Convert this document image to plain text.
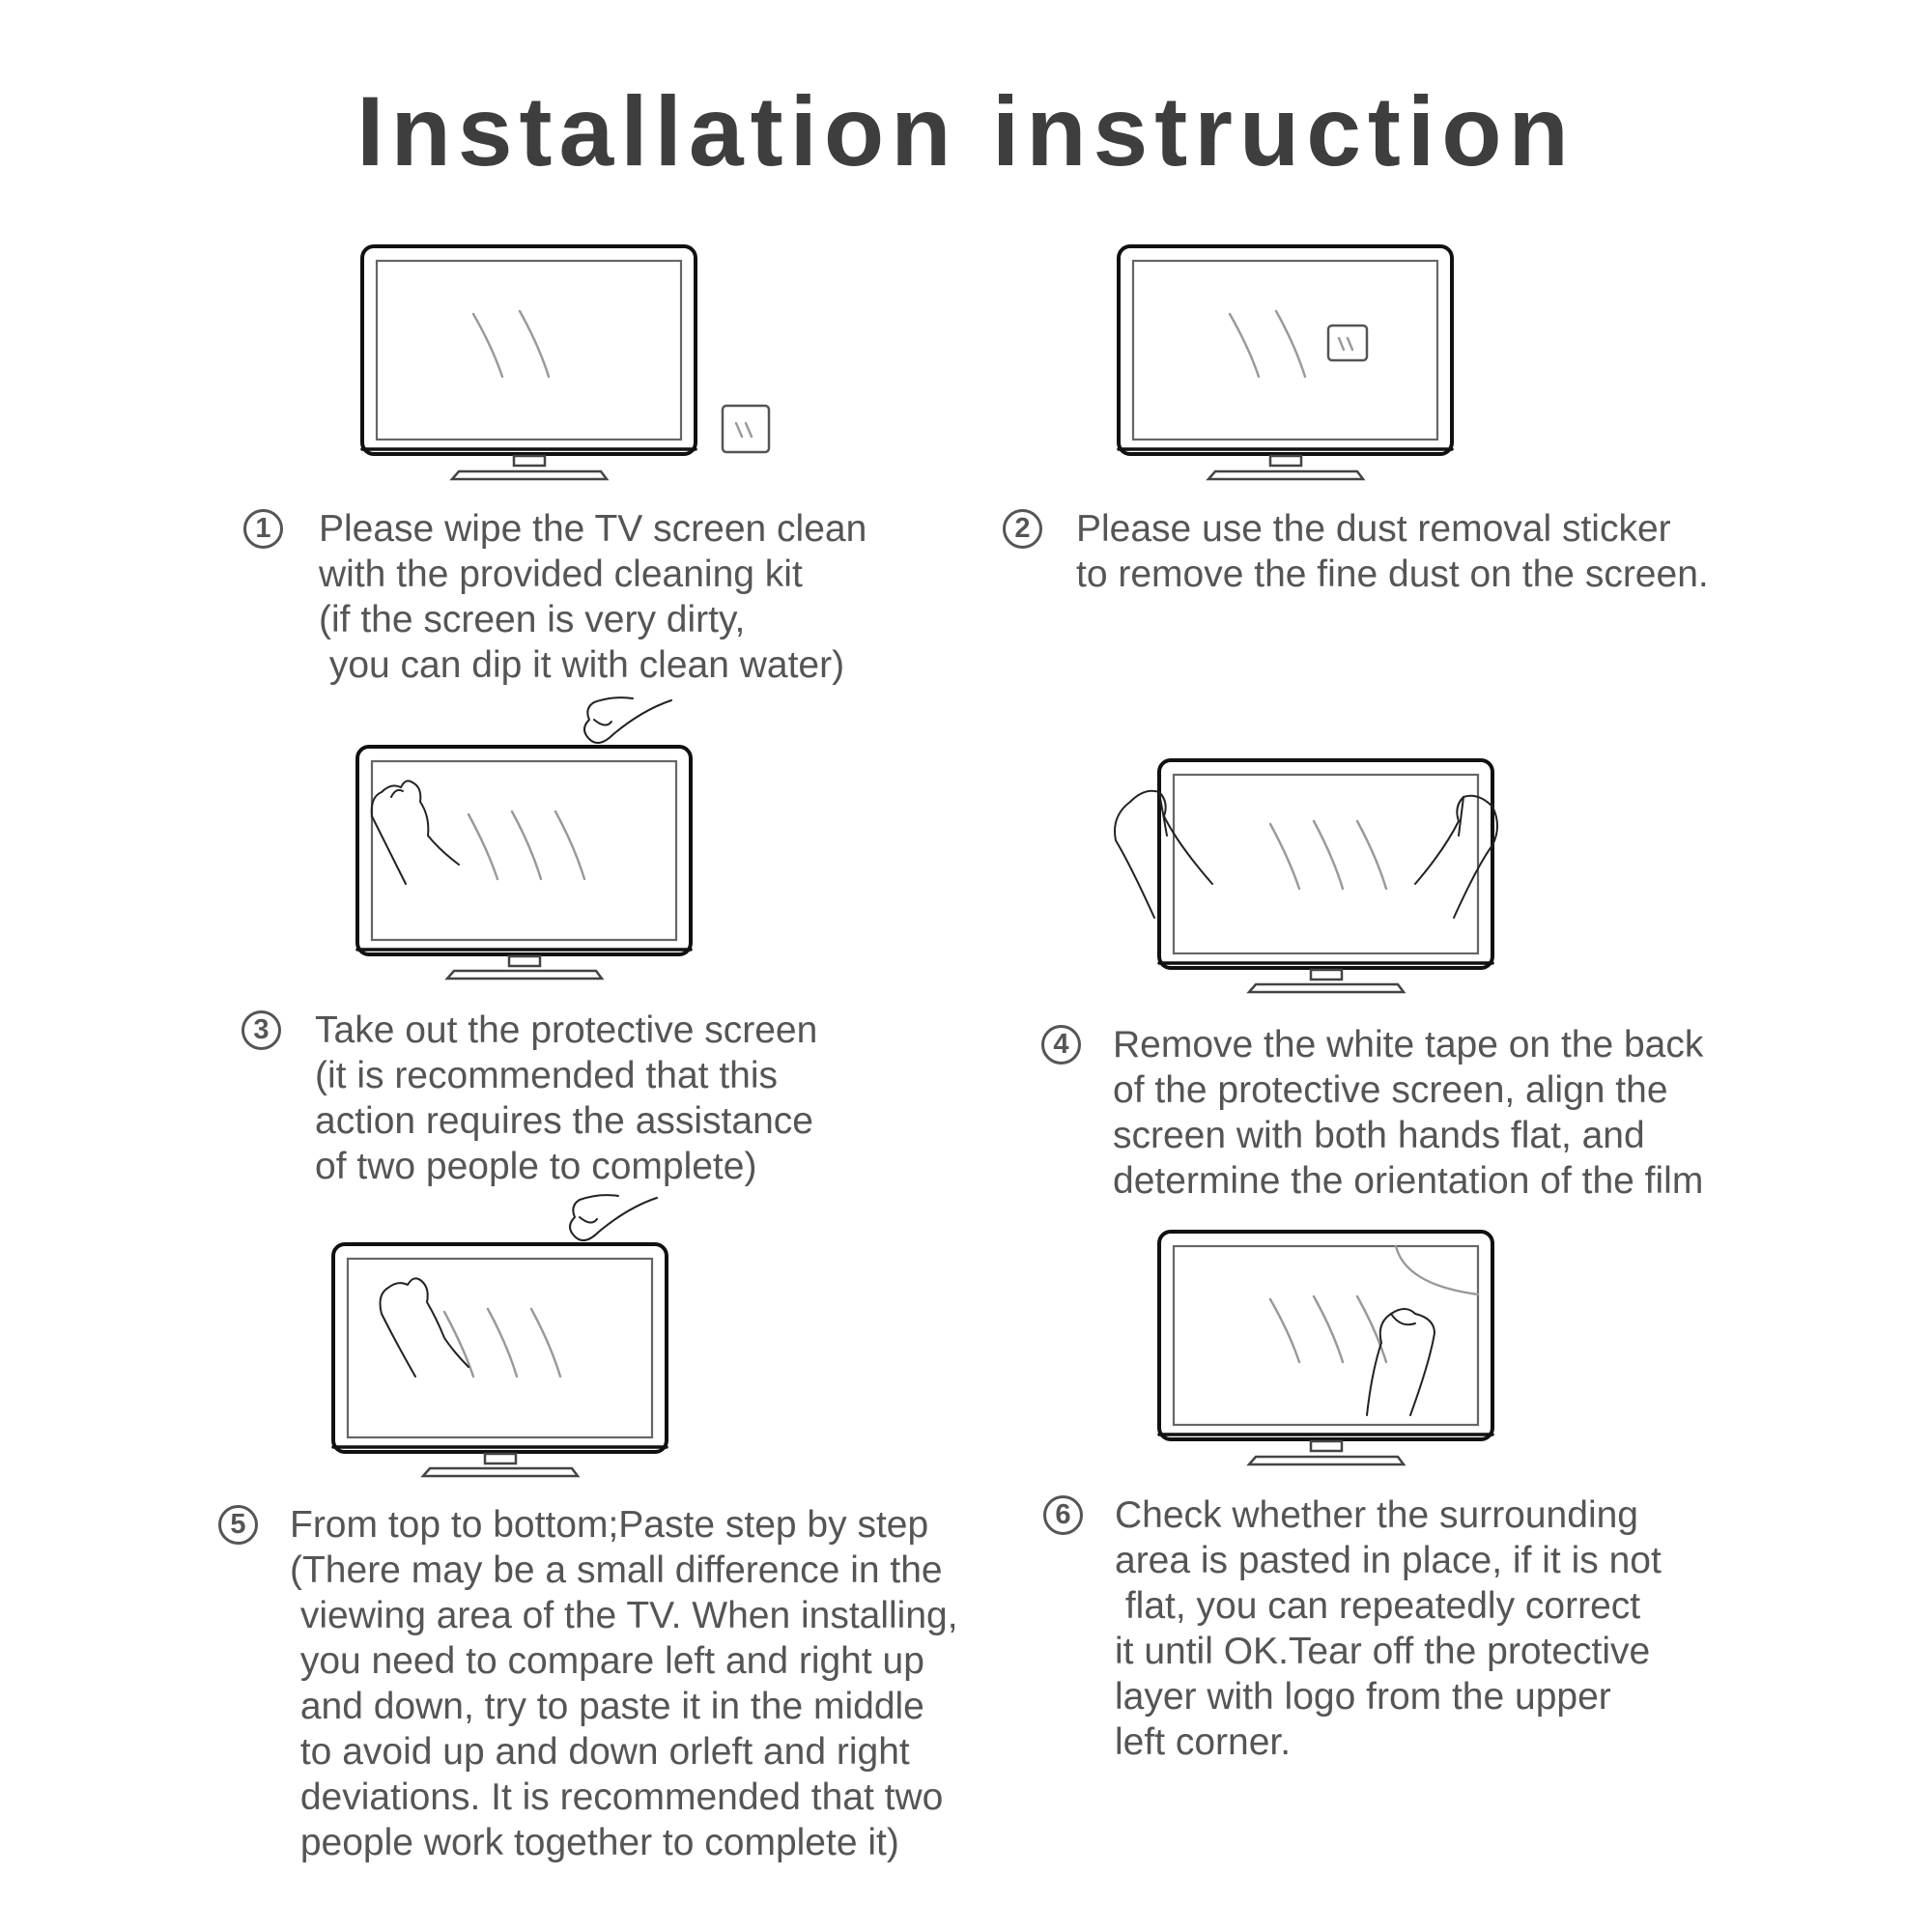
Installation instruction
1	Please wipe the TV screen clean
with the provided cleaning kit
(if the screen is very dirty,
you can dip it with clean water)
2	Please use the dust removal sticker
to remove the fine dust on the screen.
3	Take out the protective screen
(it is recommended that this
action requires the assistance
of two people to complete)
4	Remove the white tape on the back
of the protective screen, align the
screen with both hands flat, and
determine the orientation of the film
5	From top to bottom;Paste step by step
(There may be a small difference in the
viewing area of the TV. When installing,
you need to compare left and right up
and down, try to paste it in the middle
to avoid up and down orleft and right
deviations. It is recommended that two
people work together to complete it)
6	Check whether the surrounding
area is pasted in place, if it is not
flat, you can repeatedly correct
it until OK.Tear off the protective
layer with logo from the upper
left corner.
